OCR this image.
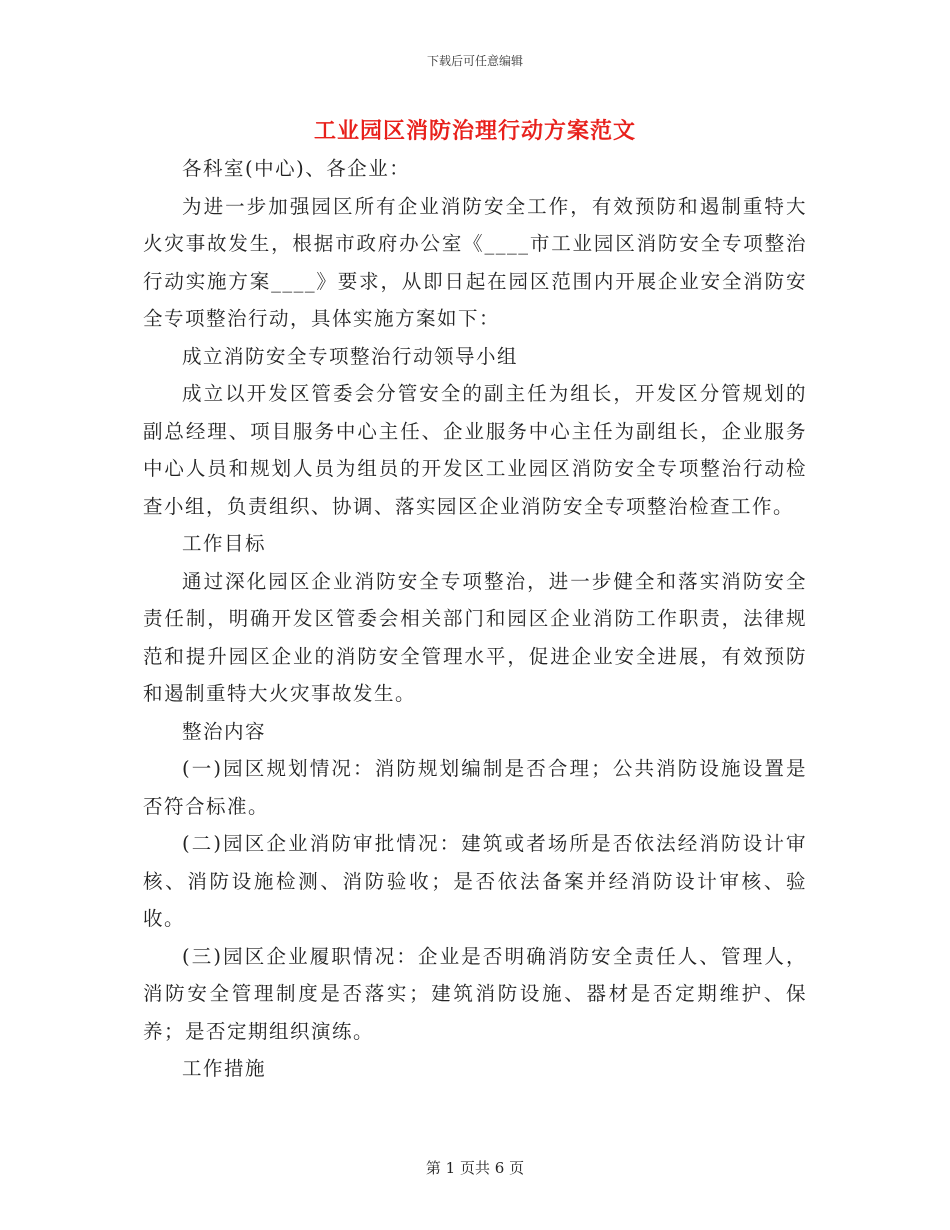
下载后可任意编辑
工业园区消防治理行动方案范文

各科室(中心)、各企业：

为进一步加强园区所有企业消防安全工作，有效预防和遏制重特大火灾事故发生，根据市政府办公室《____市工业园区消防安全专项整治行动实施方案____》要求，从即日起在园区范围内开展企业安全消防安全专项整治行动，具体实施方案如下：

成立消防安全专项整治行动领导小组

成立以开发区管委会分管安全的副主任为组长，开发区分管规划的副总经理、项目服务中心主任、企业服务中心主任为副组长，企业服务中心人员和规划人员为组员的开发区工业园区消防安全专项整治行动检查小组，负责组织、协调、落实园区企业消防安全专项整治检查工作。

工作目标

通过深化园区企业消防安全专项整治，进一步健全和落实消防安全责任制，明确开发区管委会相关部门和园区企业消防工作职责，法律规范和提升园区企业的消防安全管理水平，促进企业安全进展，有效预防和遏制重特大火灾事故发生。

整治内容

(一)园区规划情况：消防规划编制是否合理；公共消防设施设置是否符合标准。

(二)园区企业消防审批情况：建筑或者场所是否依法经消防设计审核、消防设施检测、消防验收；是否依法备案并经消防设计审核、验收。

(三)园区企业履职情况：企业是否明确消防安全责任人、管理人，消防安全管理制度是否落实；建筑消防设施、器材是否定期维护、保养；是否定期组织演练。

工作措施

第 1 页共 6 页
